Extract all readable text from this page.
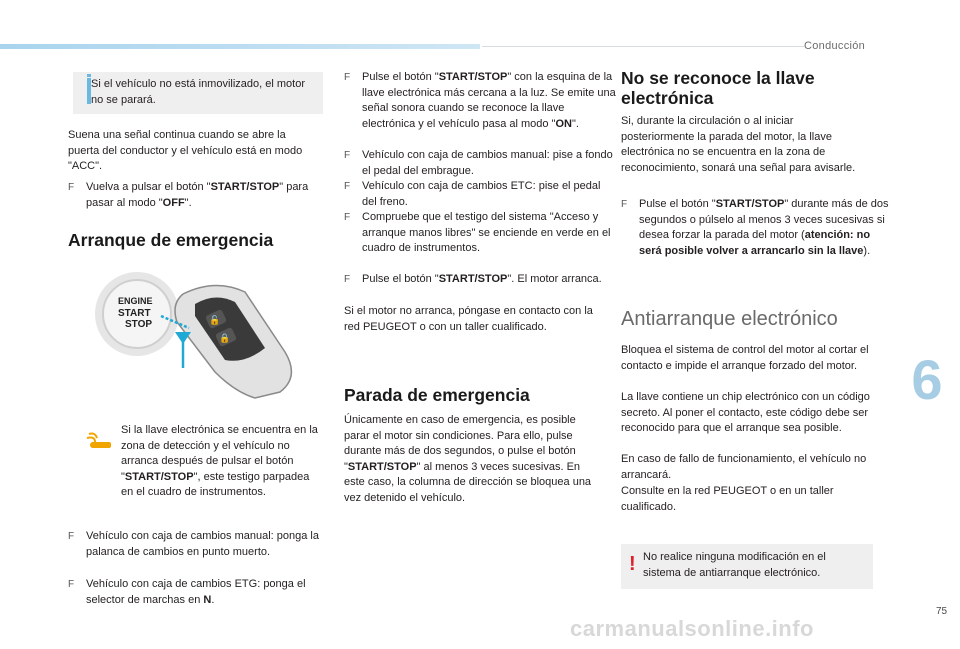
Conducción

Si el vehículo no está inmovilizado, el motor no se parará.

Suena una señal continua cuando se abre la puerta del conductor y el vehículo está en modo "ACC".

F Vuelva a pulsar el botón "START/STOP" para pasar al modo "OFF".
Arranque de emergencia
ENGINE
START
STOP	🔓
🔒
Si la llave electrónica se encuentra en la zona de detección y el vehículo no arranca después de pulsar el botón "START/STOP", este testigo parpadea en el cuadro de instrumentos.
F Vehículo con caja de cambios manual: ponga la palanca de cambios en punto muerto.
F Vehículo con caja de cambios ETG: ponga el selector de marchas en N.
F Pulse el botón "START/STOP" con la esquina de la llave electrónica más cercana a la luz. Se emite una señal sonora cuando se reconoce la llave electrónica y el vehículo pasa al modo "ON".
F Vehículo con caja de cambios manual: pise a fondo el pedal del embrague.
F Vehículo con caja de cambios ETC: pise el pedal del freno.
F Compruebe que el testigo del sistema "Acceso y arranque manos libres" se enciende en verde en el cuadro de instrumentos.
F Pulse el botón "START/STOP". El motor arranca.

Si el motor no arranca, póngase en contacto con la red PEUGEOT o con un taller cualificado.

Parada de emergencia
Únicamente en caso de emergencia, es posible parar el motor sin condiciones. Para ello, pulse durante más de dos segundos, o pulse el botón "START/STOP" al menos 3 veces sucesivas. En este caso, la columna de dirección se bloquea una vez detenido el vehículo.
No se reconoce la llave electrónica

Si, durante la circulación o al iniciar posteriormente la parada del motor, la llave electrónica no se encuentra en la zona de reconocimiento, sonará una señal para avisarle.

F Pulse el botón "START/STOP" durante más de dos segundos o púlselo al menos 3 veces sucesivas si desea forzar la parada del motor (atención: no será posible volver a arrancarlo sin la llave).
Antiarranque electrónico

Bloquea el sistema de control del motor al cortar el contacto e impide el arranque forzado del motor.

La llave contiene un chip electrónico con un código secreto. Al poner el contacto, este código debe ser reconocido para que el arranque sea posible.

En caso de fallo de funcionamiento, el vehículo no arrancará.

Consulte en la red PEUGEOT o en un taller cualificado.

! No realice ninguna modificación en el sistema de antiarranque electrónico.

6
75
carmanualsonline.info
